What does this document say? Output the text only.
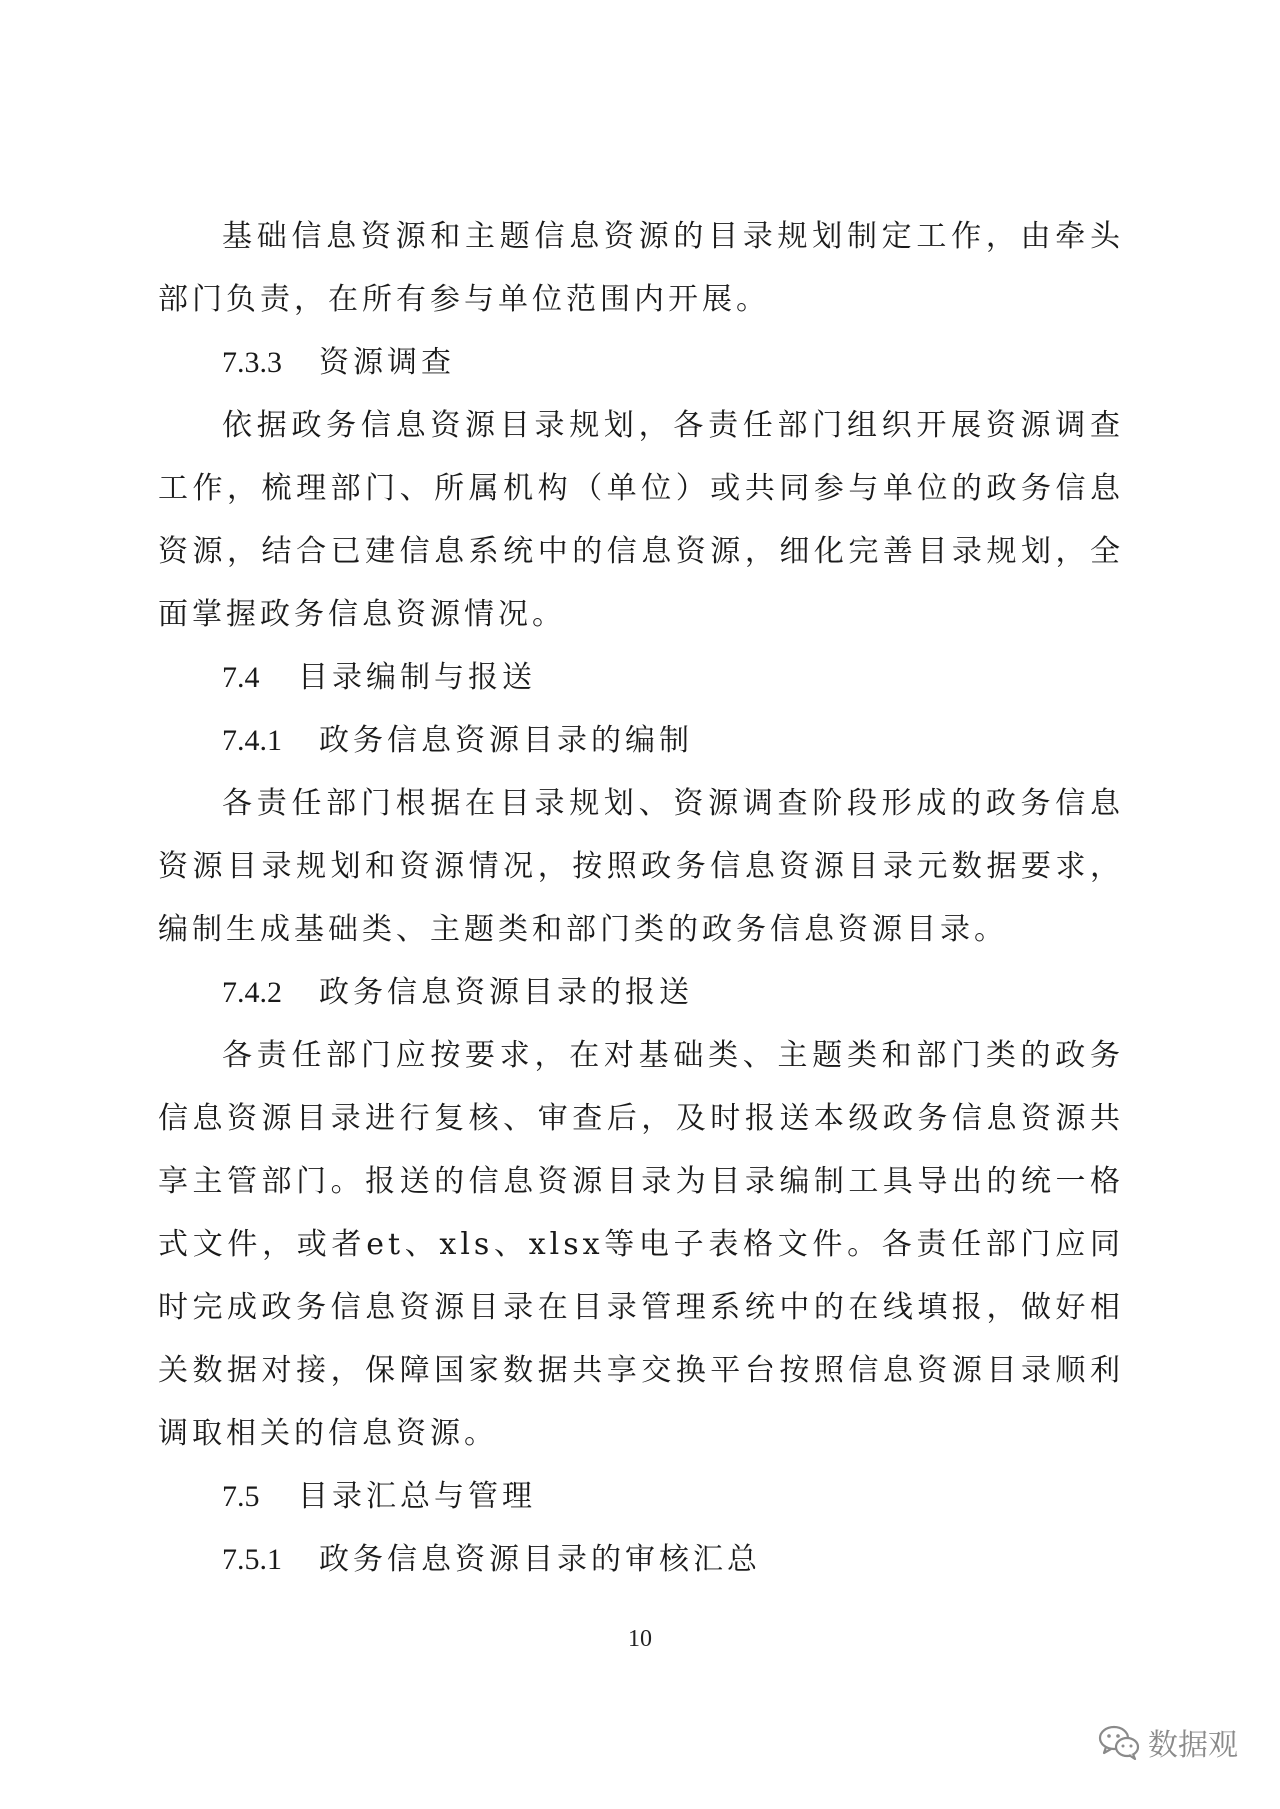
基础信息资源和主题信息资源的目录规划制定工作，由牵头部门负责，在所有参与单位范围内开展。

7.3.3 资源调查

依据政务信息资源目录规划，各责任部门组织开展资源调查工作，梳理部门、所属机构（单位）或共同参与单位的政务信息资源，结合已建信息系统中的信息资源，细化完善目录规划，全面掌握政务信息资源情况。

7.4 目录编制与报送
7.4.1 政务信息资源目录的编制

各责任部门根据在目录规划、资源调查阶段形成的政务信息资源目录规划和资源情况，按照政务信息资源目录元数据要求，编制生成基础类、主题类和部门类的政务信息资源目录。

7.4.2 政务信息资源目录的报送

各责任部门应按要求，在对基础类、主题类和部门类的政务信息资源目录进行复核、审查后，及时报送本级政务信息资源共享主管部门。报送的信息资源目录为目录编制工具导出的统一格式文件，或者et、xls、xlsx等电子表格文件。各责任部门应同时完成政务信息资源目录在目录管理系统中的在线填报，做好相关数据对接，保障国家数据共享交换平台按照信息资源目录顺利调取相关的信息资源。

7.5 目录汇总与管理
7.5.1 政务信息资源目录的审核汇总
10
数据观
